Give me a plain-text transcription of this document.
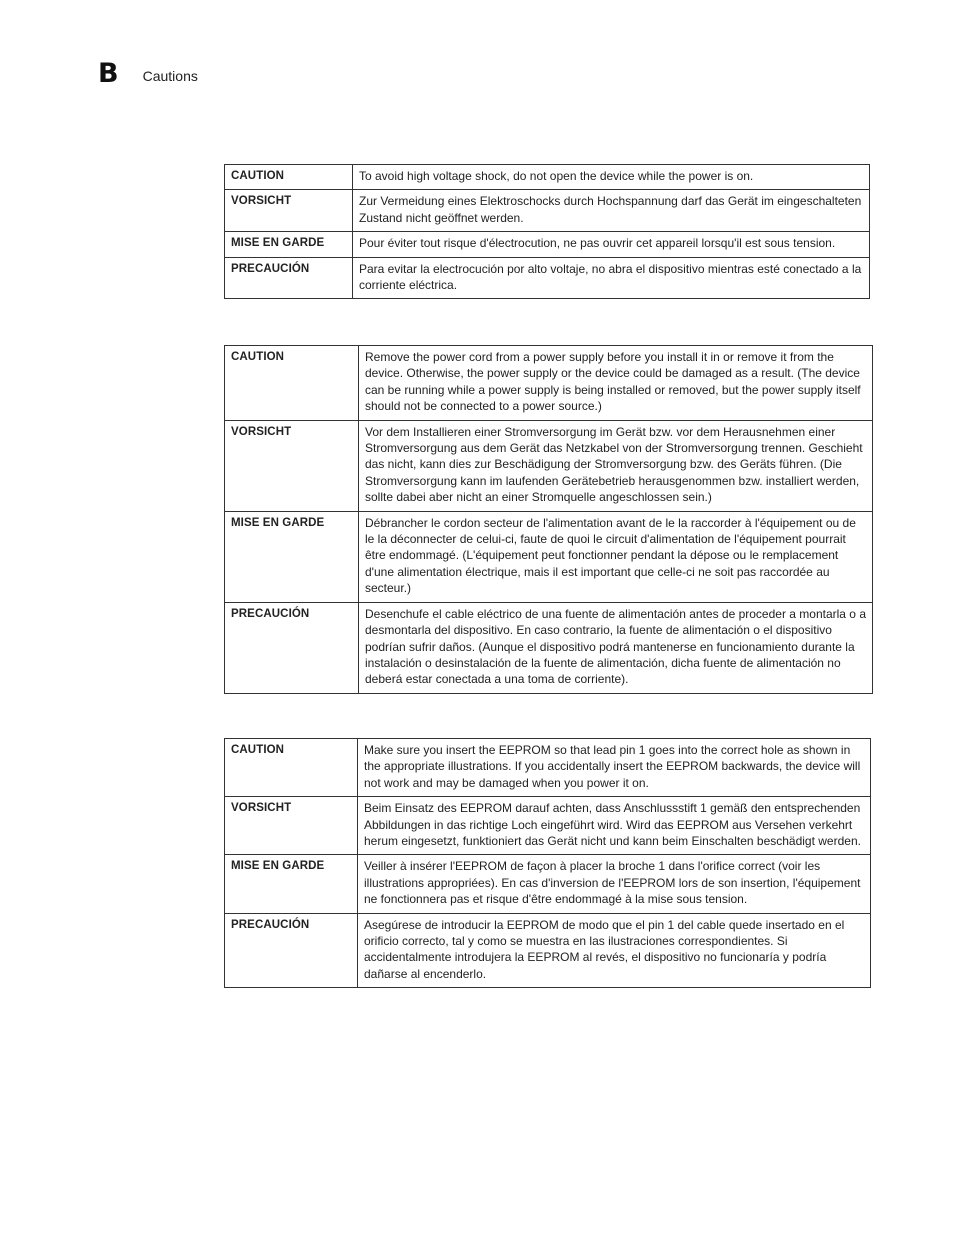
B Cautions
CAUTION	To avoid high voltage shock, do not open the device while the power is on.
VORSICHT	Zur Vermeidung eines Elektroschocks durch Hochspannung darf das Gerät im eingeschalteten Zustand nicht geöffnet werden.
MISE EN GARDE	Pour éviter tout risque d'électrocution, ne pas ouvrir cet appareil lorsqu'il est sous tension.
PRECAUCIÓN	Para evitar la electrocución por alto voltaje, no abra el dispositivo mientras esté conectado a la corriente eléctrica.
CAUTION	Remove the power cord from a power supply before you install it in or remove it from the device. Otherwise, the power supply or the device could be damaged as a result. (The device can be running while a power supply is being installed or removed, but the power supply itself should not be connected to a power source.)
VORSICHT	Vor dem Installieren einer Stromversorgung im Gerät bzw. vor dem Herausnehmen einer Stromversorgung aus dem Gerät das Netzkabel von der Stromversorgung trennen. Geschieht das nicht, kann dies zur Beschädigung der Stromversorgung bzw. des Geräts führen. (Die Stromversorgung kann im laufenden Gerätebetrieb herausgenommen bzw. installiert werden, sollte dabei aber nicht an einer Stromquelle angeschlossen sein.)
MISE EN GARDE	Débrancher le cordon secteur de l'alimentation avant de le la raccorder à l'équipement ou de le la déconnecter de celui-ci, faute de quoi le circuit d'alimentation de l'équipement pourrait être endommagé. (L'équipement peut fonctionner pendant la dépose ou le remplacement d'une alimentation électrique, mais il est important que celle-ci ne soit pas raccordée au secteur.)
PRECAUCIÓN	Desenchufe el cable eléctrico de una fuente de alimentación antes de proceder a montarla o a desmontarla del dispositivo. En caso contrario, la fuente de alimentación o el dispositivo podrían sufrir daños. (Aunque el dispositivo podrá mantenerse en funcionamiento durante la instalación o desinstalación de la fuente de alimentación, dicha fuente de alimentación no deberá estar conectada a una toma de corriente).
CAUTION	Make sure you insert the EEPROM so that lead pin 1 goes into the correct hole as shown in the appropriate illustrations. If you accidentally insert the EEPROM backwards, the device will not work and may be damaged when you power it on.
VORSICHT	Beim Einsatz des EEPROM darauf achten, dass Anschlussstift 1 gemäß den entsprechenden Abbildungen in das richtige Loch eingeführt wird. Wird das EEPROM aus Versehen verkehrt herum eingesetzt, funktioniert das Gerät nicht und kann beim Einschalten beschädigt werden.
MISE EN GARDE	Veiller à insérer l'EEPROM de façon à placer la broche 1 dans l'orifice correct (voir les illustrations appropriées). En cas d'inversion de l'EEPROM lors de son insertion, l'équipement ne fonctionnera pas et risque d'être endommagé à la mise sous tension.
PRECAUCIÓN	Asegúrese de introducir la EEPROM de modo que el pin 1 del cable quede insertado en el orificio correcto, tal y como se muestra en las ilustraciones correspondientes. Si accidentalmente introdujera la EEPROM al revés, el dispositivo no funcionaría y podría dañarse al encenderlo.
